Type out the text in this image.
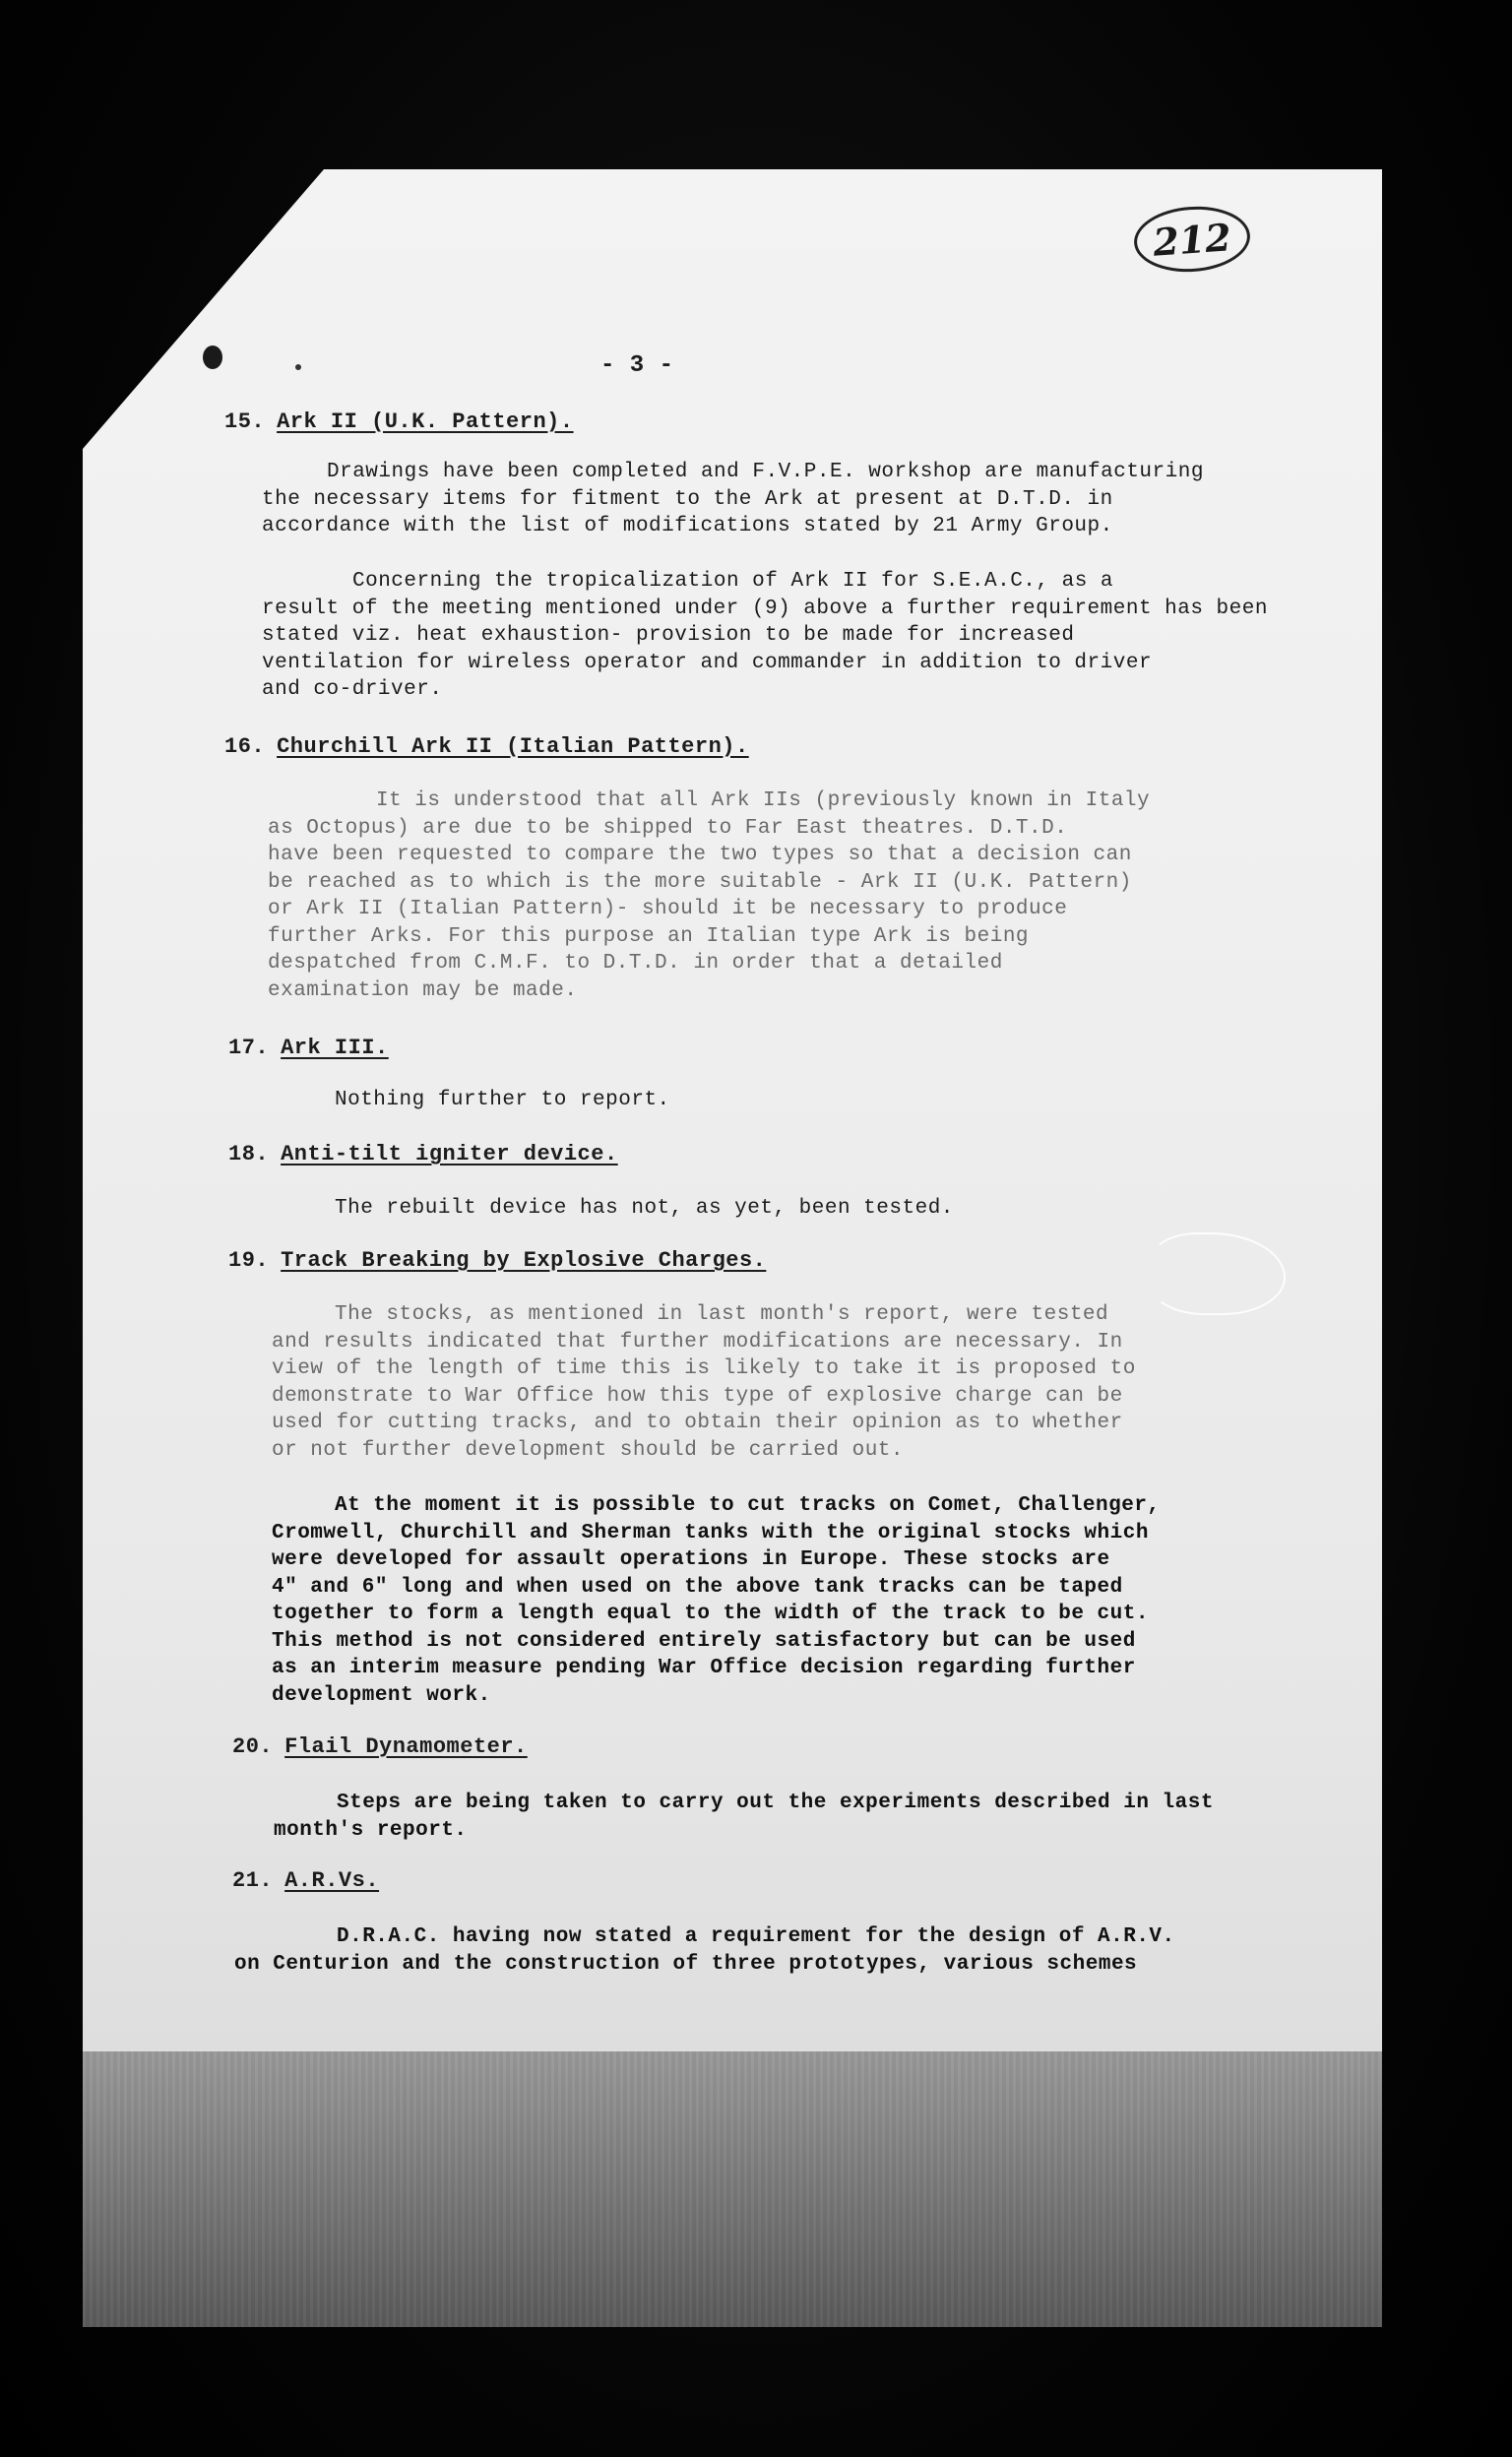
212
- 3 -
15. Ark II (U.K. Pattern).
Drawings have been completed and F.V.P.E. workshop are manufacturing
the necessary items for fitment to the Ark at present at D.T.D. in
accordance with the list of modifications stated by 21 Army Group.
Concerning the tropicalization of Ark II for S.E.A.C., as a
result of the meeting mentioned under (9) above a further requirement has been
stated viz. heat exhaustion- provision to be made for increased
ventilation for wireless operator and commander in addition to driver
and co-driver.
16. Churchill Ark II (Italian Pattern).
It is understood that all Ark IIs (previously known in Italy
as Octopus) are due to be shipped to Far East theatres. D.T.D.
have been requested to compare the two types so that a decision can
be reached as to which is the more suitable - Ark II (U.K. Pattern)
or Ark II (Italian Pattern)- should it be necessary to produce
further Arks. For this purpose an Italian type Ark is being
despatched from C.M.F. to D.T.D. in order that a detailed
examination may be made.
17. Ark III.
Nothing further to report.
18. Anti-tilt igniter device.
The rebuilt device has not, as yet, been tested.
19. Track Breaking by Explosive Charges.
The stocks, as mentioned in last month's report, were tested
and results indicated that further modifications are necessary. In
view of the length of time this is likely to take it is proposed to
demonstrate to War Office how this type of explosive charge can be
used for cutting tracks, and to obtain their opinion as to whether
or not further development should be carried out.
At the moment it is possible to cut tracks on Comet, Challenger,
Cromwell, Churchill and Sherman tanks with the original stocks which
were developed for assault operations in Europe. These stocks are
4" and 6" long and when used on the above tank tracks can be taped
together to form a length equal to the width of the track to be cut.
This method is not considered entirely satisfactory but can be used
as an interim measure pending War Office decision regarding further
development work.
20. Flail Dynamometer.
Steps are being taken to carry out the experiments described in last
month's report.
21. A.R.Vs.
D.R.A.C. having now stated a requirement for the design of A.R.V.
on Centurion and the construction of three prototypes, various schemes
